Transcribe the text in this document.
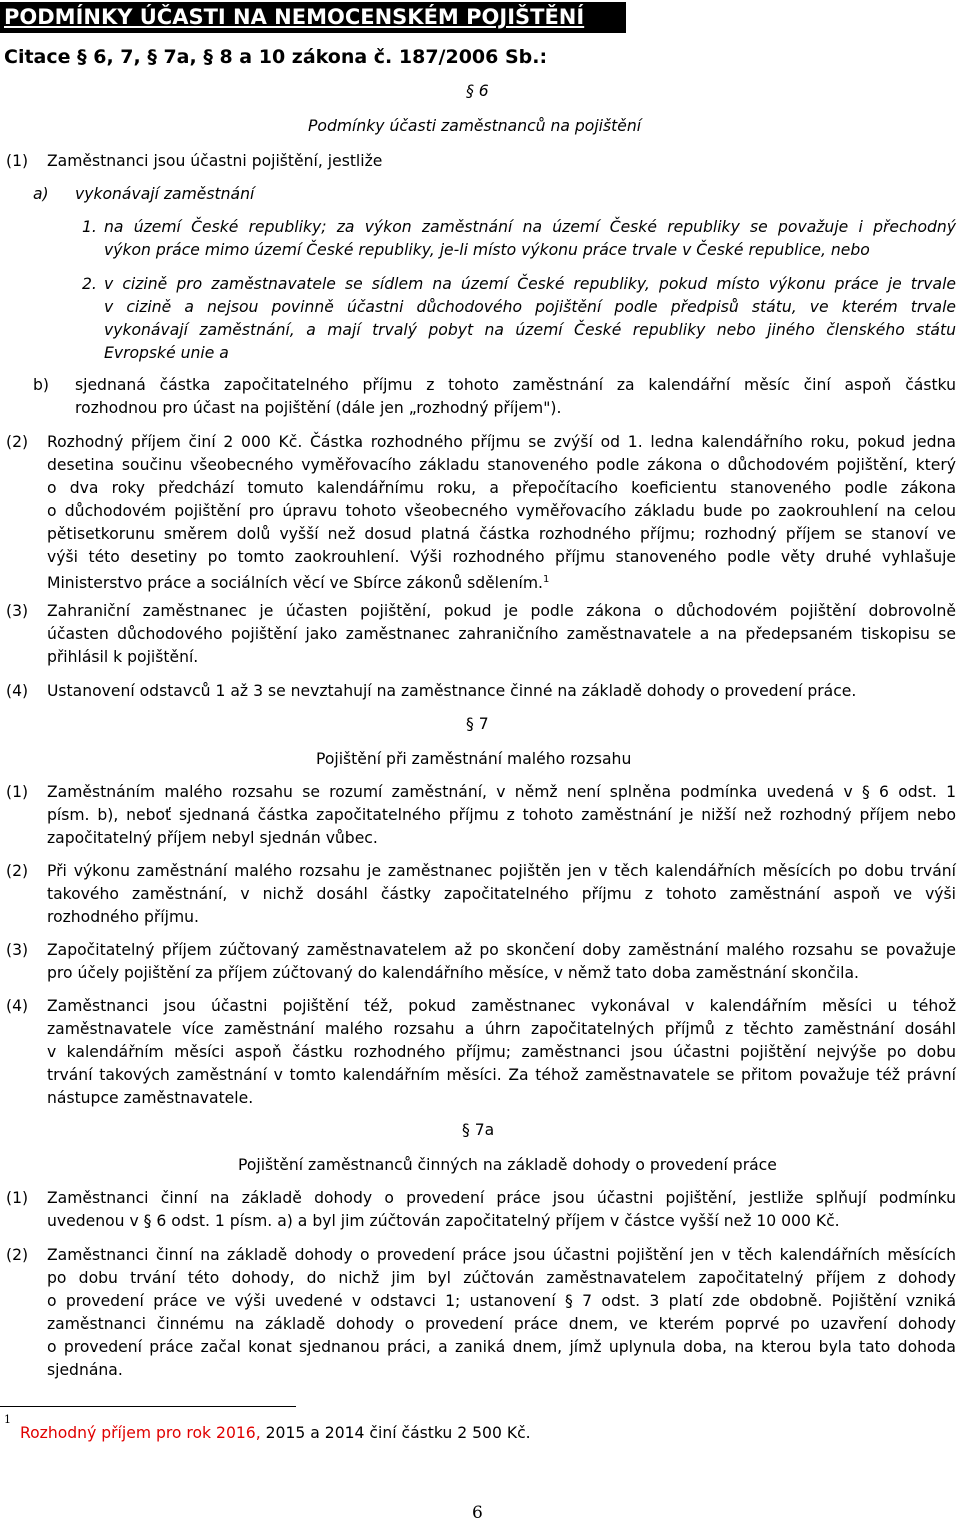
PODMÍNKY ÚČASTI NA NEMOCENSKÉM POJIŠTĚNÍ
Citace § 6, 7, § 7a, § 8 a 10 zákona č. 187/2006 Sb.:
§ 6
Podmínky účasti zaměstnanců na pojištění
(1) Zaměstnanci jsou účastni pojištění, jestliže
a) vykonávají zaměstnání
1. na území České republiky; za výkon zaměstnání na území České republiky se považuje i přechodný
výkon práce mimo území České republiky, je-li místo výkonu práce trvale v České republice, nebo
2. v cizině pro zaměstnavatele se sídlem na území České republiky, pokud místo výkonu práce je trvale
v cizině a nejsou povinně účastni důchodového pojištění podle předpisů státu, ve kterém trvale
vykonávají zaměstnání, a mají trvalý pobyt na území České republiky nebo jiného členského státu
Evropské unie a
b) sjednaná částka započitatelného příjmu z tohoto zaměstnání za kalendářní měsíc činí aspoň částku
rozhodnou pro účast na pojištění (dále jen „rozhodný příjem").
(2) Rozhodný příjem činí 2 000 Kč. Částka rozhodného příjmu se zvýší od 1. ledna kalendářního roku, pokud jedna
desetina součinu všeobecného vyměřovacího základu stanoveného podle zákona o důchodovém pojištění, který
o dva roky předchází tomuto kalendářnímu roku, a přepočítacího koeficientu stanoveného podle zákona
o důchodovém pojištění pro úpravu tohoto všeobecného vyměřovacího základu bude po zaokrouhlení na celou
pětisetkorunu směrem dolů vyšší než dosud platná částka rozhodného příjmu; rozhodný příjem se stanoví ve
výši této desetiny po tomto zaokrouhlení. Výši rozhodného příjmu stanoveného podle věty druhé vyhlašuje
Ministerstvo práce a sociálních věcí ve Sbírce zákonů sdělením.$^1$
(3) Zahraniční zaměstnanec je účasten pojištění, pokud je podle zákona o důchodovém pojištění dobrovolně
účasten důchodového pojištění jako zaměstnanec zahraničního zaměstnavatele a na předepsaném tiskopisu se
přihlásil k pojištění.
(4) Ustanovení odstavců 1 až 3 se nevztahují na zaměstnance činné na základě dohody o provedení práce.
§ 7
Pojištění při zaměstnání malého rozsahu
(1) Zaměstnáním malého rozsahu se rozumí zaměstnání, v němž není splněna podmínka uvedená v § 6 odst. 1
písm. b), neboť sjednaná částka započitatelného příjmu z tohoto zaměstnání je nižší než rozhodný příjem nebo
započitatelný příjem nebyl sjednán vůbec.
(2) Při výkonu zaměstnání malého rozsahu je zaměstnanec pojištěn jen v těch kalendářních měsících po dobu trvání
takového zaměstnání, v nichž dosáhl částky započitatelného příjmu z tohoto zaměstnání aspoň ve výši
rozhodného příjmu.
(3) Započitatelný příjem zúčtovaný zaměstnavatelem až po skončení doby zaměstnání malého rozsahu se považuje
pro účely pojištění za příjem zúčtovaný do kalendářního měsíce, v němž tato doba zaměstnání skončila.
(4) Zaměstnanci jsou účastni pojištění též, pokud zaměstnanec vykonával v kalendářním měsíci u téhož
zaměstnavatele více zaměstnání malého rozsahu a úhrn započitatelných příjmů z těchto zaměstnání dosáhl
v kalendářním měsíci aspoň částku rozhodného příjmu; zaměstnanci jsou účastni pojištění nejvýše po dobu
trvání takových zaměstnání v tomto kalendářním měsíci. Za téhož zaměstnavatele se přitom považuje též právní
nástupce zaměstnavatele.
§ 7a
Pojištění zaměstnanců činných na základě dohody o provedení práce
(1) Zaměstnanci činní na základě dohody o provedení práce jsou účastni pojištění, jestliže splňují podmínku
uvedenou v § 6 odst. 1 písm. a) a byl jim zúčtován započitatelný příjem v částce vyšší než 10 000 Kč.
(2) Zaměstnanci činní na základě dohody o provedení práce jsou účastni pojištění jen v těch kalendářních měsících
po dobu trvání této dohody, do nichž jim byl zúčtován zaměstnavatelem započitatelný příjem z dohody
o provedení práce ve výši uvedené v odstavci 1; ustanovení § 7 odst. 3 platí zde obdobně. Pojištění vzniká
zaměstnanci činnému na základě dohody o provedení práce dnem, ve kterém poprvé po uzavření dohody
o provedení práce začal konat sjednanou práci, a zaniká dnem, jímž uplynula doba, na kterou byla tato dohoda
sjednána.
1
Rozhodný příjem pro rok 2016, 2015 a 2014 činí částku 2 500 Kč.
6
